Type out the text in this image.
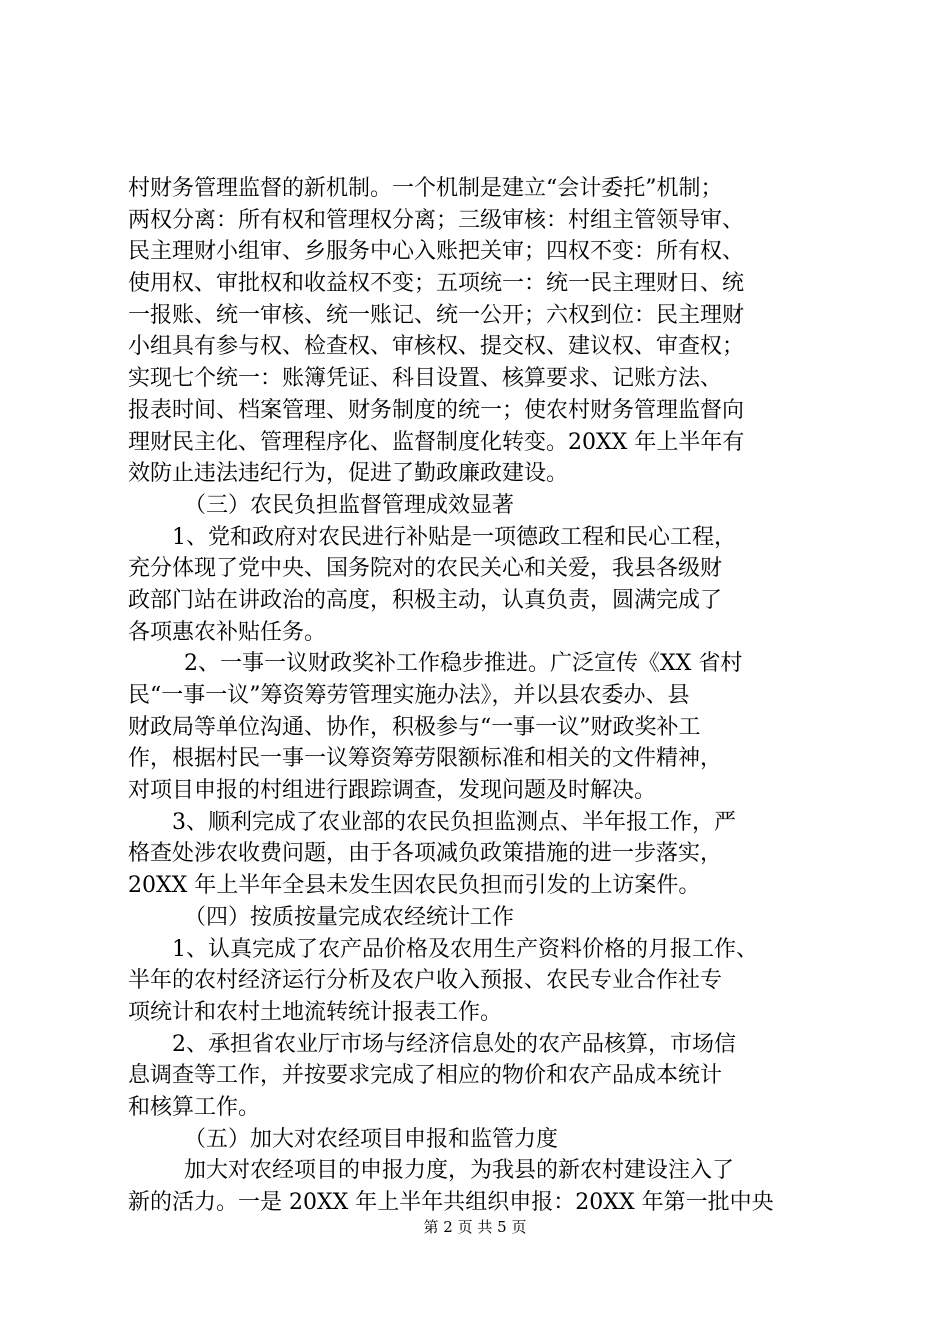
村财务管理监督的新机制。一个机制是建立“会计委托”机制；
两权分离：所有权和管理权分离；三级审核：村组主管领导审、
民主理财小组审、乡服务中心入账把关审；四权不变：所有权、
使用权、审批权和收益权不变；五项统一：统一民主理财日、统
一报账、统一审核、统一账记、统一公开；六权到位：民主理财
小组具有参与权、检查权、审核权、提交权、建议权、审查权；
实现七个统一：账簿凭证、科目设置、核算要求、记账方法、
报表时间、档案管理、财务制度的统一；使农村财务管理监督向
理财民主化、管理程序化、监督制度化转变。20XX 年上半年有
效防止违法违纪行为，促进了勤政廉政建设。
（三）农民负担监督管理成效显著
1、党和政府对农民进行补贴是一项德政工程和民心工程，
充分体现了党中央、国务院对的农民关心和关爱，我县各级财
政部门站在讲政治的高度，积极主动，认真负责，圆满完成了
各项惠农补贴任务。
2、一事一议财政奖补工作稳步推进。广泛宣传《XX 省村
民“一事一议”筹资筹劳管理实施办法》，并以县农委办、县
财政局等单位沟通、协作，积极参与“一事一议”财政奖补工
作，根据村民一事一议筹资筹劳限额标准和相关的文件精神，
对项目申报的村组进行跟踪调查，发现问题及时解决。
3、顺利完成了农业部的农民负担监测点、半年报工作，严
格查处涉农收费问题，由于各项减负政策措施的进一步落实，
20XX 年上半年全县未发生因农民负担而引发的上访案件。
（四）按质按量完成农经统计工作
1、认真完成了农产品价格及农用生产资料价格的月报工作、
半年的农村经济运行分析及农户收入预报、农民专业合作社专
项统计和农村土地流转统计报表工作。
2、承担省农业厅市场与经济信息处的农产品核算，市场信
息调查等工作，并按要求完成了相应的物价和农产品成本统计
和核算工作。
（五）加大对农经项目申报和监管力度
加大对农经项目的申报力度，为我县的新农村建设注入了
新的活力。一是 20XX 年上半年共组织申报：20XX 年第一批中央
第 2 页 共 5 页
